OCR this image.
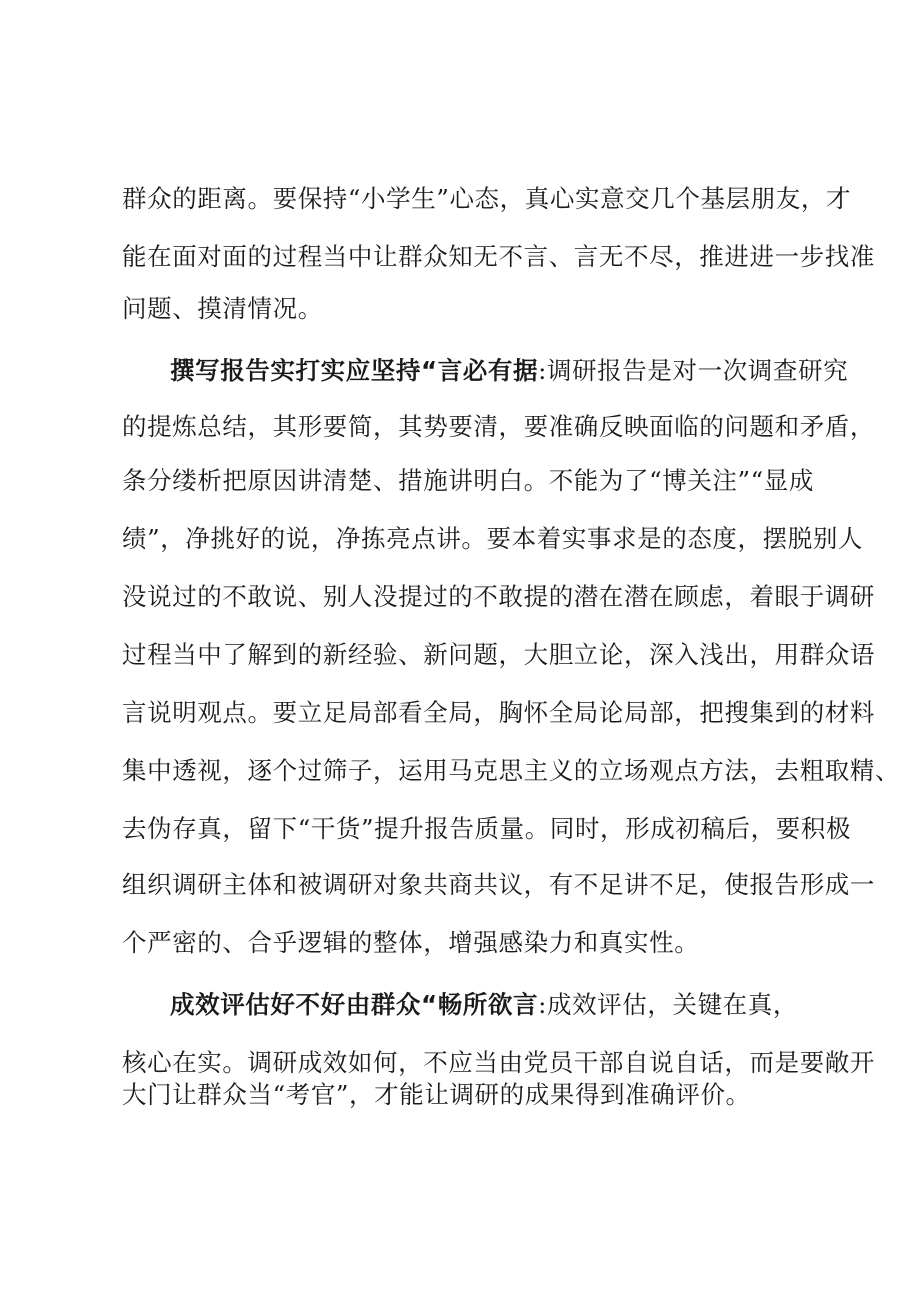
群众的距离。要保持“小学生”心态，真心实意交几个基层朋友，才
能在面对面的过程当中让群众知无不言、言无不尽，推进进一步找准
问题、摸清情况。
撰写报告实打实应坚持“言必有据:调研报告是对一次调查研究
的提炼总结，其形要简，其势要清，要准确反映面临的问题和矛盾，
条分缕析把原因讲清楚、措施讲明白。不能为了“博关注”“显成
绩”，净挑好的说，净拣亮点讲。要本着实事求是的态度，摆脱别人
没说过的不敢说、别人没提过的不敢提的潜在潜在顾虑，着眼于调研
过程当中了解到的新经验、新问题，大胆立论，深入浅出，用群众语
言说明观点。要立足局部看全局，胸怀全局论局部，把搜集到的材料
集中透视，逐个过筛子，运用马克思主义的立场观点方法，去粗取精、
去伪存真，留下“干货”提升报告质量。同时，形成初稿后，要积极
组织调研主体和被调研对象共商共议，有不足讲不足，使报告形成一
个严密的、合乎逻辑的整体，增强感染力和真实性。
成效评估好不好由群众“畅所欲言:成效评估，关键在真，
核心在实。调研成效如何，不应当由党员干部自说自话，而是要敞开
大门让群众当“考官”，才能让调研的成果得到准确评价。
